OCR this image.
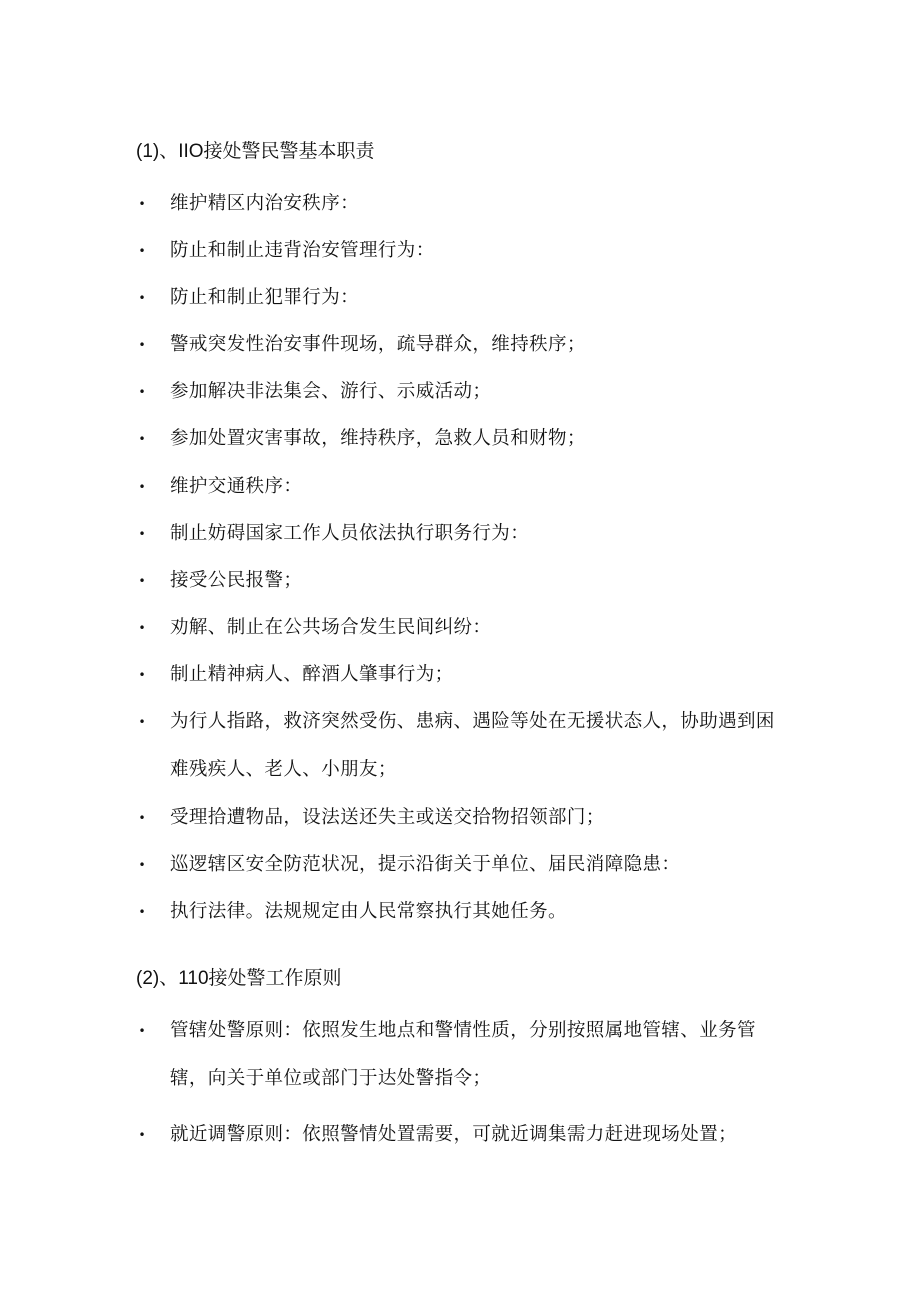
(1)、IIO接处警民警基本职责
• 维护精区内治安秩序：
• 防止和制止违背治安管理行为：
• 防止和制止犯罪行为：
• 警戒突发性治安事件现场，疏导群众，维持秩序；
• 参加解决非法集会、游行、示威活动；
• 参加处置灾害事故，维持秩序，急救人员和财物；
• 维护交通秩序：
• 制止妨碍国家工作人员依法执行职务行为：
• 接受公民报警；
• 劝解、制止在公共场合发生民间纠纷：
• 制止精神病人、醉酒人肇事行为；
• 为行人指路，救济突然受伤、患病、遇险等处在无援状态人，协助遇到困难残疾人、老人、小朋友；
• 受理拾遭物品，设法送还失主或送交拾物招领部门；
• 巡逻辖区安全防范状况，提示沿街关于单位、届民消障隐患：
• 执行法律。法规规定由人民常察执行其她任务。
(2)、110接处警工作原则
• 管辖处警原则：依照发生地点和警情性质，分别按照属地管辖、业务管辖，向关于单位或部门于达处警指令；
• 就近调警原则：依照警情处置需要，可就近调集需力赶进现场处置；
